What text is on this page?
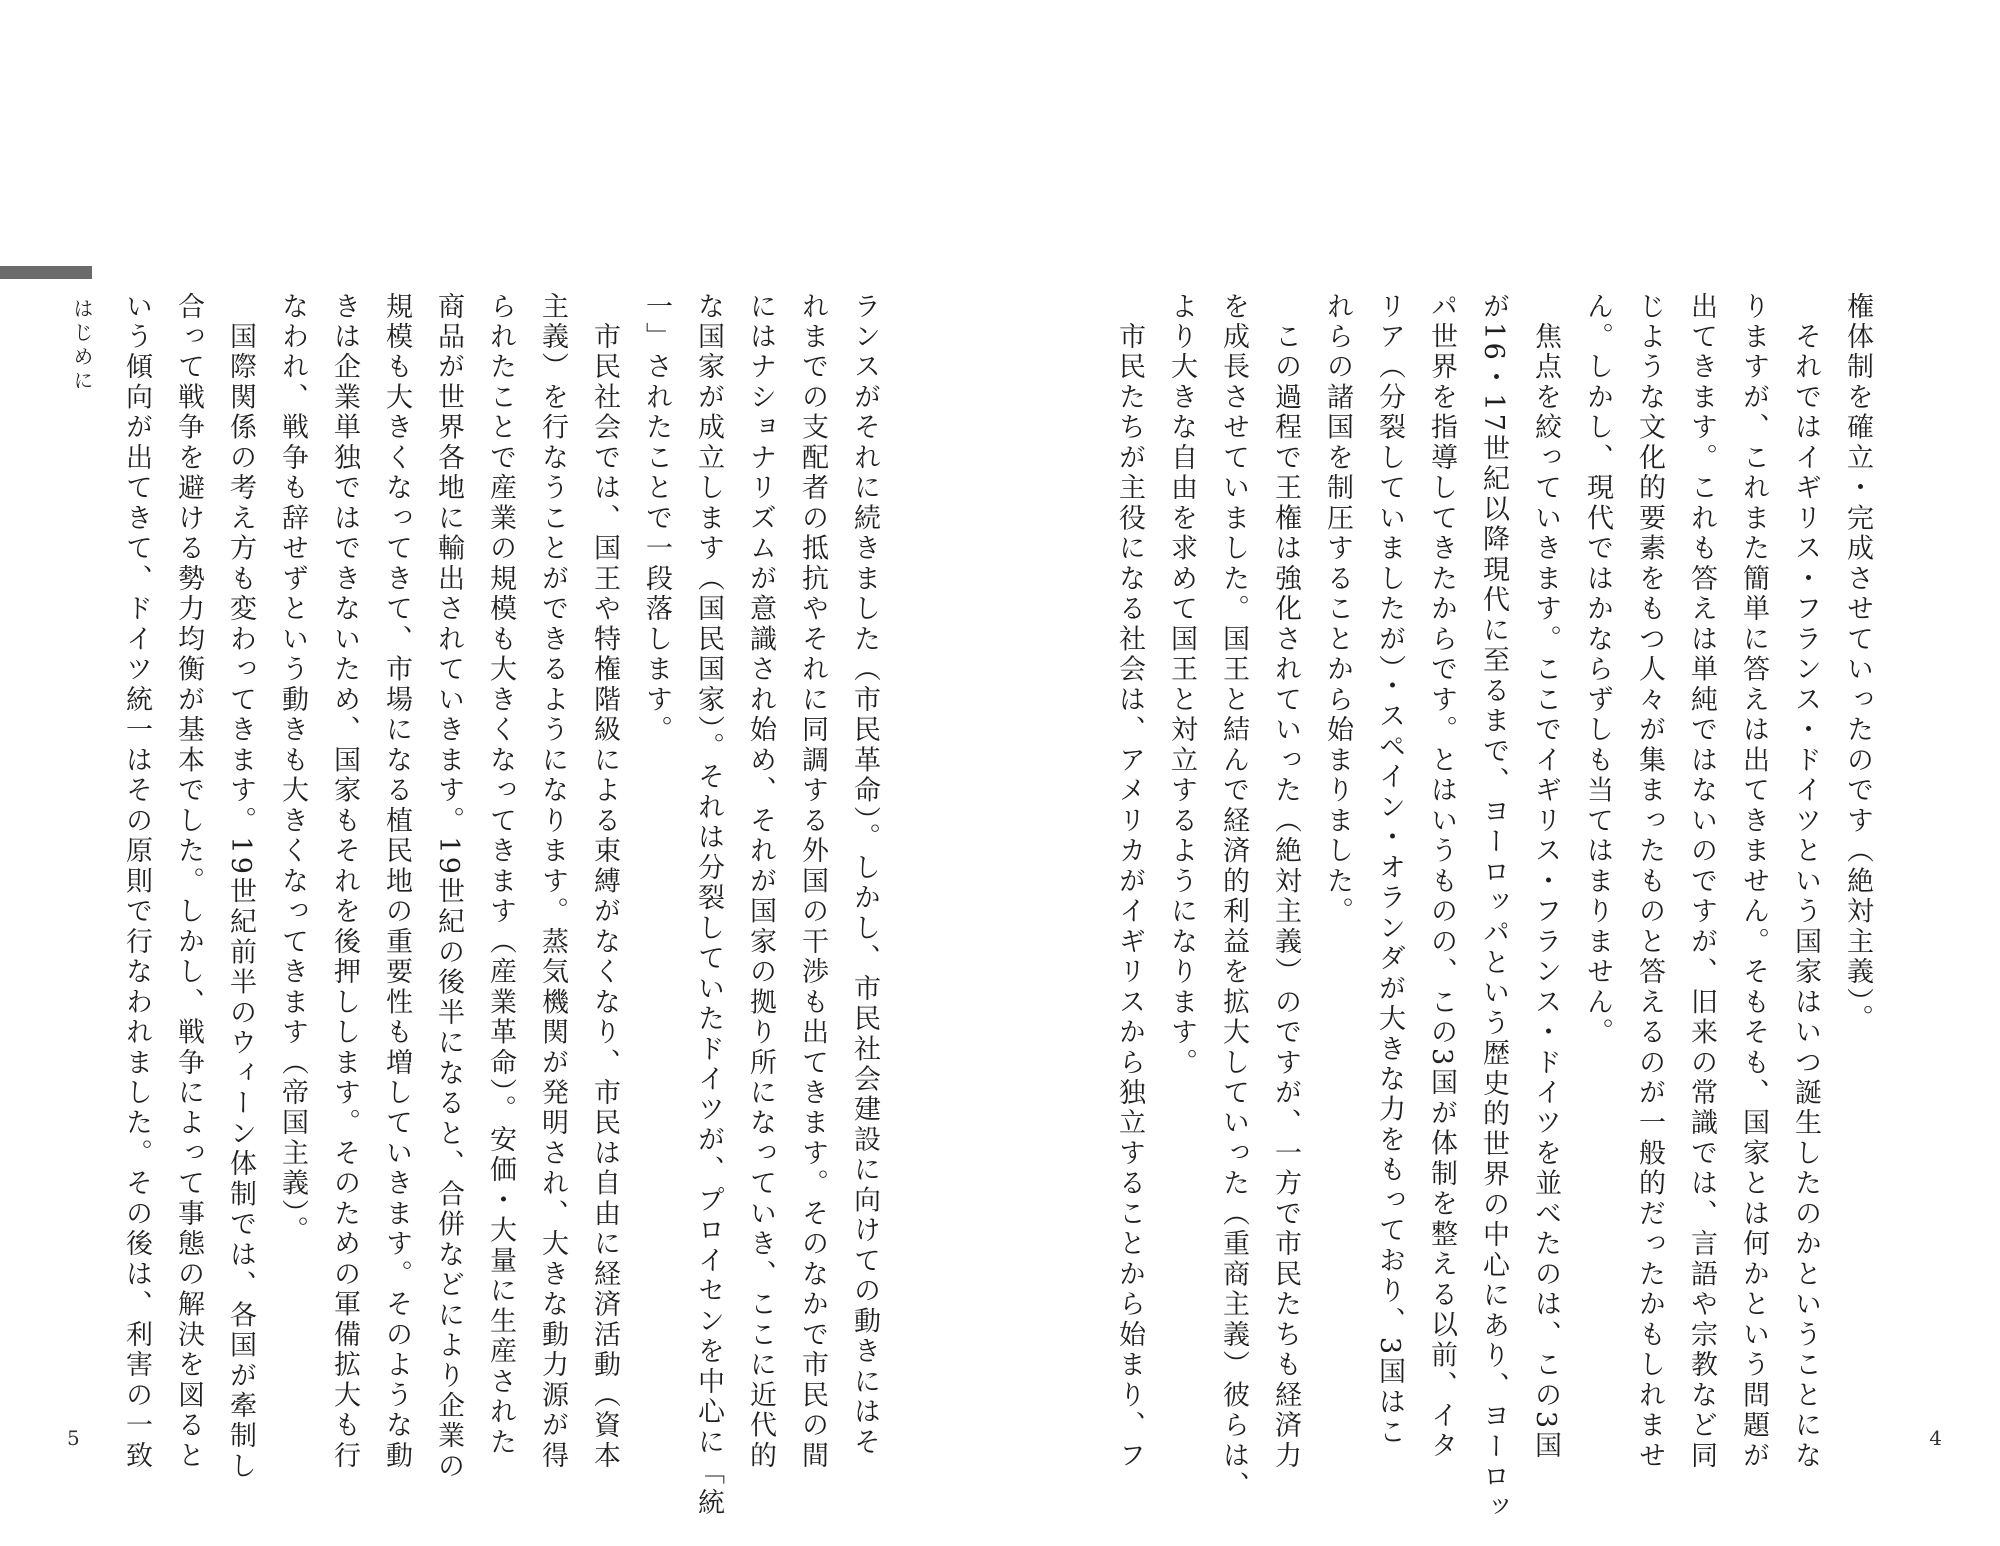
権体制を確立・完成させていったのです（絶対主義）。
　それではイギリス・フランス・ドイツという国家はいつ誕生したのかということにな
りますが、これまた簡単に答えは出てきません。そもそも、国家とは何かという問題が
出てきます。これも答えは単純ではないのですが、旧来の常識では、言語や宗教など同
じような文化的要素をもつ人々が集まったものと答えるのが一般的だったかもしれませ
ん。しかし、現代ではかならずしも当てはまりません。
　焦点を絞っていきます。ここでイギリス・フランス・ドイツを並べたのは、この3国
が16・17世紀以降現代に至るまで、ヨーロッパという歴史的世界の中心にあり、ヨーロッ
パ世界を指導してきたからです。とはいうものの、この3国が体制を整える以前、イタ
リア（分裂していましたが）・スペイン・オランダが大きな力をもっており、3国はこ
れらの諸国を制圧することから始まりました。
　この過程で王権は強化されていった（絶対主義）のですが、一方で市民たちも経済力
を成長させていました。国王と結んで経済的利益を拡大していった（重商主義）彼らは、
より大きな自由を求めて国王と対立するようになります。
　市民たちが主役になる社会は、アメリカがイギリスから独立することから始まり、フ	4
はじめに	ランスがそれに続きました（市民革命）。しかし、市民社会建設に向けての動きにはそ
れまでの支配者の抵抗やそれに同調する外国の干渉も出てきます。そのなかで市民の間
にはナショナリズムが意識され始め、それが国家の拠り所になっていき、ここに近代的
な国家が成立します（国民国家）。それは分裂していたドイツが、プロイセンを中心に「統
一」されたことで一段落します。
　市民社会では、国王や特権階級による束縛がなくなり、市民は自由に経済活動（資本
主義）を行なうことができるようになります。蒸気機関が発明され、大きな動力源が得
られたことで産業の規模も大きくなってきます（産業革命）。安価・大量に生産された
商品が世界各地に輸出されていきます。19世紀の後半になると、合併などにより企業の
規模も大きくなってきて、市場になる植民地の重要性も増していきます。そのような動
きは企業単独ではできないため、国家もそれを後押しします。そのための軍備拡大も行
なわれ、戦争も辞せずという動きも大きくなってきます（帝国主義）。
　国際関係の考え方も変わってきます。19世紀前半のウィーン体制では、各国が牽制し
合って戦争を避ける勢力均衡が基本でした。しかし、戦争によって事態の解決を図ると
いう傾向が出てきて、ドイツ統一はその原則で行なわれました。その後は、利害の一致
5
